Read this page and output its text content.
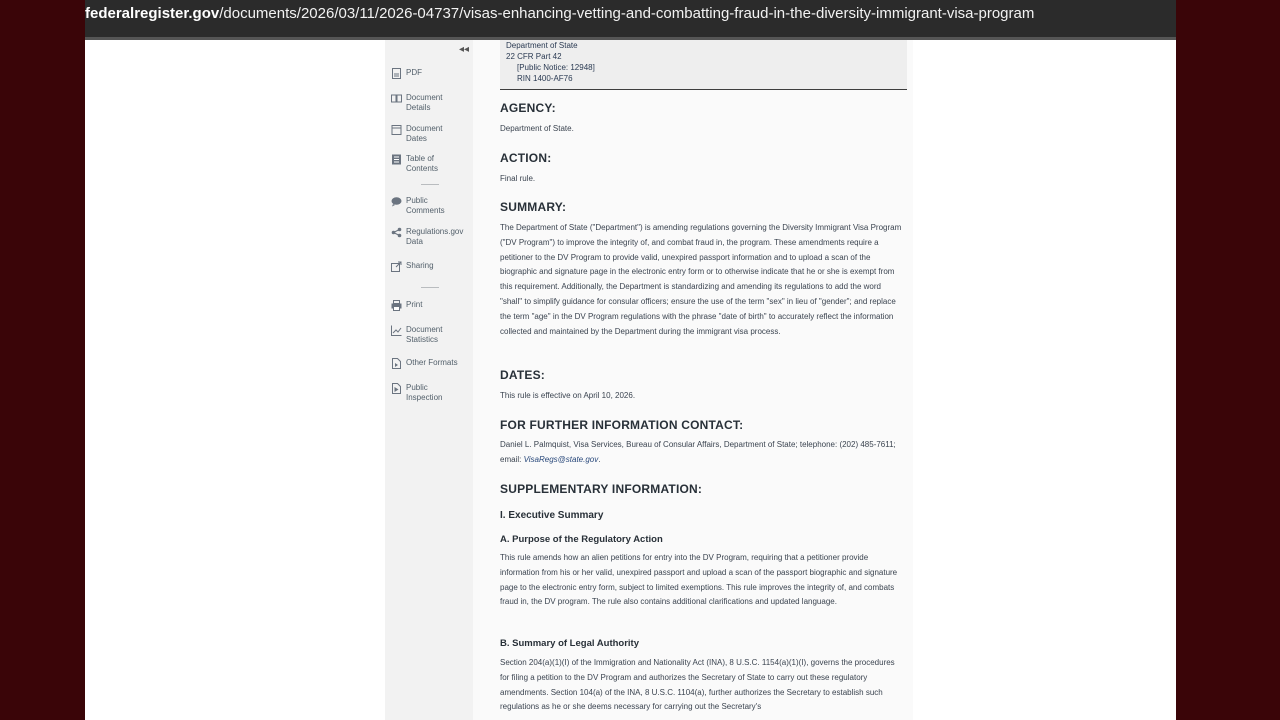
federalregister.gov/documents/2026/03/11/2026-04737/visas-enhancing-vetting-and-combatting-fraud-in-the-diversity-immigrant-visa-program
◂◂
PDF
Document Details
Document Dates
Table of Contents
Public Comments
Regulations.gov Data
Sharing
Print
Document Statistics
Other Formats
Public Inspection
Department of State
22 CFR Part 42
[Public Notice: 12948]
RIN 1400-AF76
AGENCY:
Department of State.
ACTION:
Final rule.
SUMMARY:
The Department of State ("Department") is amending regulations governing the Diversity Immigrant Visa Program ("DV Program") to improve the integrity of, and combat fraud in, the program. These amendments require a petitioner to the DV Program to provide valid, unexpired passport information and to upload a scan of the biographic and signature page in the electronic entry form or to otherwise indicate that he or she is exempt from this requirement. Additionally, the Department is standardizing and amending its regulations to add the word "shall" to simplify guidance for consular officers; ensure the use of the term "sex" in lieu of "gender"; and replace the term "age" in the DV Program regulations with the phrase "date of birth" to accurately reflect the information collected and maintained by the Department during the immigrant visa process.
DATES:
This rule is effective on April 10, 2026.
FOR FURTHER INFORMATION CONTACT:
Daniel L. Palmquist, Visa Services, Bureau of Consular Affairs, Department of State; telephone: (202) 485-7611; email: VisaRegs@state.gov.
SUPPLEMENTARY INFORMATION:
I. Executive Summary
A. Purpose of the Regulatory Action
This rule amends how an alien petitions for entry into the DV Program, requiring that a petitioner provide information from his or her valid, unexpired passport and upload a scan of the passport biographic and signature page to the electronic entry form, subject to limited exemptions. This rule improves the integrity of, and combats fraud in, the DV program. The rule also contains additional clarifications and updated language.
B. Summary of Legal Authority
Section 204(a)(1)(I) of the Immigration and Nationality Act (INA), 8 U.S.C. 1154(a)(1)(I), governs the procedures for filing a petition to the DV Program and authorizes the Secretary of State to carry out these regulatory amendments. Section 104(a) of the INA, 8 U.S.C. 1104(a), further authorizes the Secretary to establish such regulations as he or she deems necessary for carrying out the Secretary's
